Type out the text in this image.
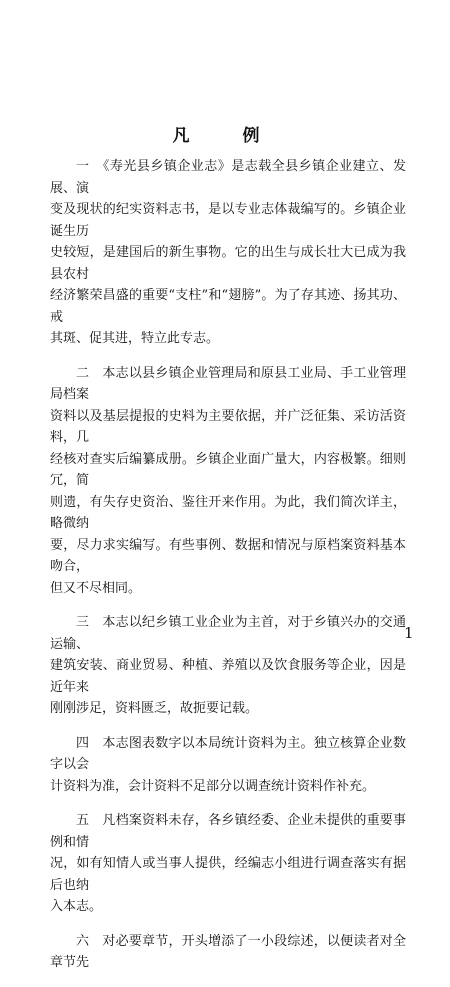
凡　例

一　《寿光县乡镇企业志》是志载全县乡镇企业建立、发展、演
变及现状的纪实资料志书，是以专业志体裁编写的。乡镇企业诞生历
史较短，是建国后的新生事物。它的出生与成长壮大已成为我县农村
经济繁荣昌盛的重要“支柱”和“翅膀”。为了存其迹、扬其功、戒
其斑、促其进，特立此专志。

二　本志以县乡镇企业管理局和原县工业局、手工业管理局档案
资料以及基层提报的史料为主要依据，并广泛征集、采访活资料，几
经核对查实后编纂成册。乡镇企业面广量大，内容极繁。细则冗，简
则遗，有失存史资治、鉴往开来作用。为此，我们简次详主，略微纳
要，尽力求实编写。有些事例、数据和情况与原档案资料基本吻合，
但又不尽相同。

三　本志以纪乡镇工业企业为主首，对于乡镇兴办的交通运输、
建筑安装、商业贸易、种植、养殖以及饮食服务等企业，因是近年来
刚刚涉足，资料匮乏，故扼要记载。

四　本志图表数字以本局统计资料为主。独立核算企业数字以会
计资料为准，会计资料不足部分以调查统计资料作补充。

五　凡档案资料未存，各乡镇经委、企业未提供的重要事例和情
况，如有知情人或当事人提供，经编志小组进行调查落实有据后也纳
入本志。

六　对必要章节，开头增添了一小段综述，以便读者对全章节先

1
